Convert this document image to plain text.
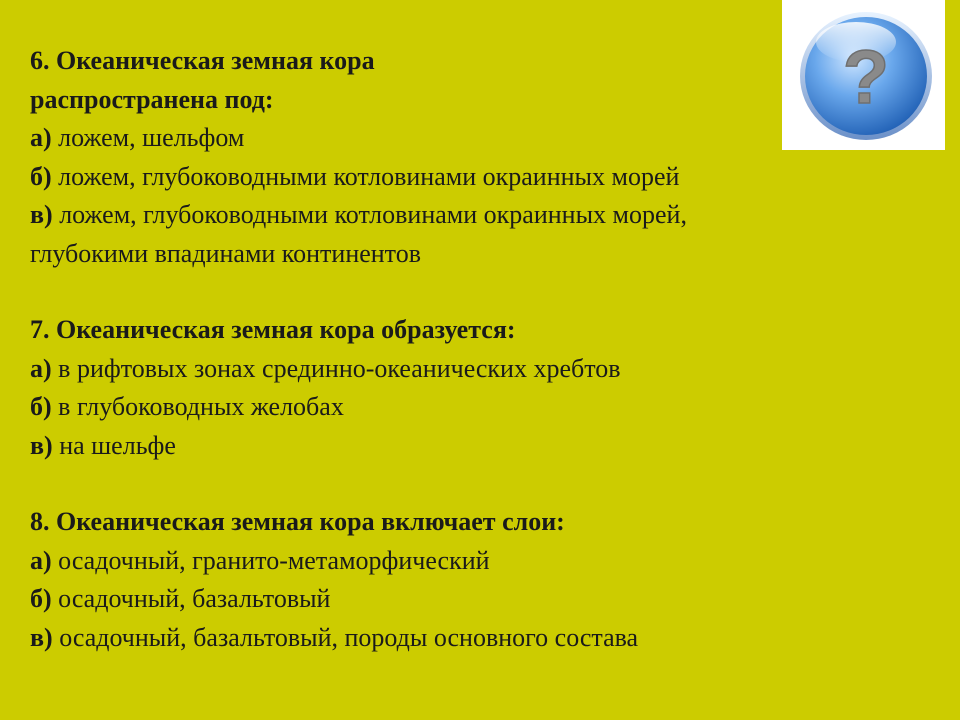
6. Океаническая земная кора
распространена под:
а) ложем, шельфом
б) ложем, глубоководными котловинами окраинных морей
в) ложем, глубоководными котловинами окраинных морей,
глубокими впадинами континентов
7. Океаническая земная кора образуется:
а) в рифтовых зонах срединно-океанических хребтов
б) в глубоководных желобах
в) на шельфе
8. Океаническая земная кора включает слои:
а) осадочный, гранито-метаморфический
б) осадочный, базальтовый
в) осадочный, базальтовый, породы основного состава
?
